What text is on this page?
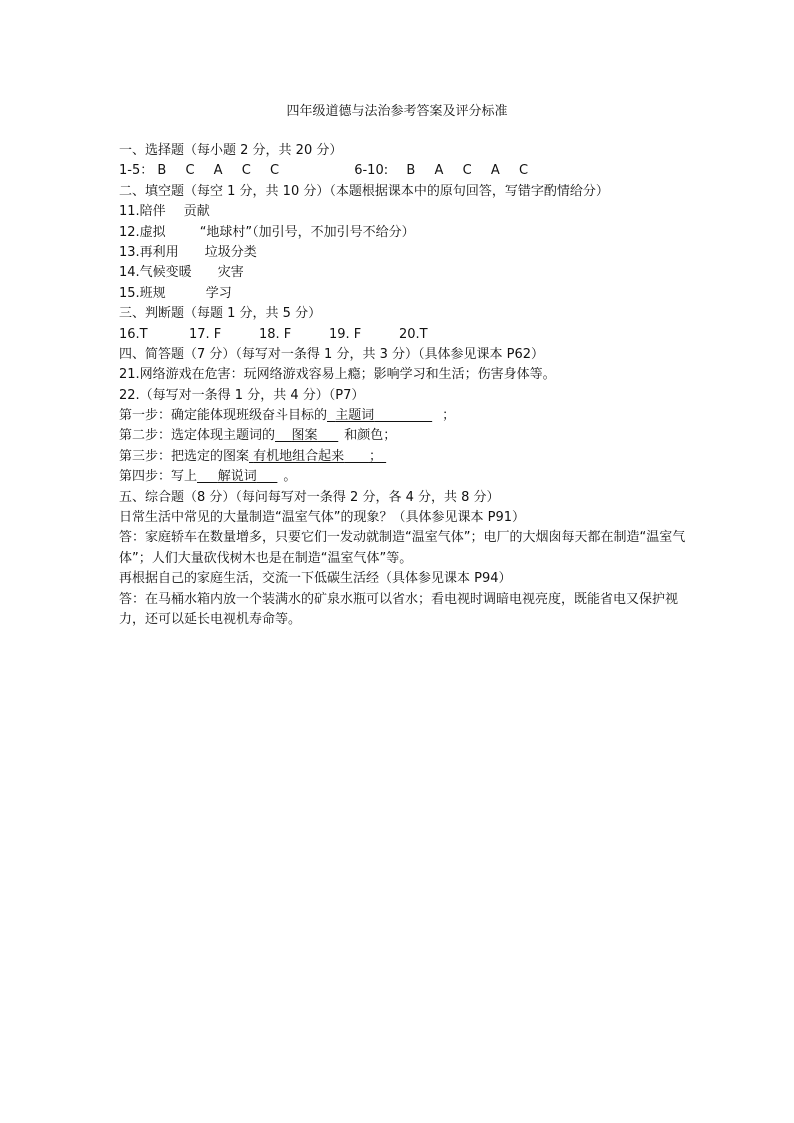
四年级道德与法治参考答案及评分标准
一、选择题（每小题 2 分，共 20 分）
1-5： B C A C C	6-10: B A C A C
二、填空题（每空 1 分，共 10 分）（本题根据课本中的原句回答，写错字酌情给分）
11.陪伴 贡献
12.虚拟	“地球村”（加引号，不加引号不给分）
13.再利用 垃圾分类
14.气候变暖 灾害
15.班规	学习
三、判断题（每题 1 分，共 5 分）
16.T	17. F	18. F	19. F	20.T
四、简答题（7 分）（每写对一条得 1 分，共 3 分）（具体参见课本 P62）
21.网络游戏在危害：玩网络游戏容易上瘾；影响学习和生活；伤害身体等。
22.（每写对一条得 1 分，共 4 分）（P7）
第一步：确定能体现班级奋斗目标的 主题词	；
第二步：选定体现主题词的 图案 和颜色；
第三步：把选定的图案 有机地组合起来 ；
第四步：写上 解说词 。
五、综合题（8 分）（每问每写对一条得 2 分，各 4 分，共 8 分）
日常生活中常见的大量制造“温室气体”的现象？（具体参见课本 P91）
答：家庭轿车在数量增多，只要它们一发动就制造“温室气体”；电厂的大烟囱每天都在制造“温室气体”；人们大量砍伐树木也是在制造“温室气体”等。
再根据自己的家庭生活，交流一下低碳生活经（具体参见课本 P94）
答：在马桶水箱内放一个装满水的矿泉水瓶可以省水；看电视时调暗电视亮度，既能省电又保护视力，还可以延长电视机寿命等。
